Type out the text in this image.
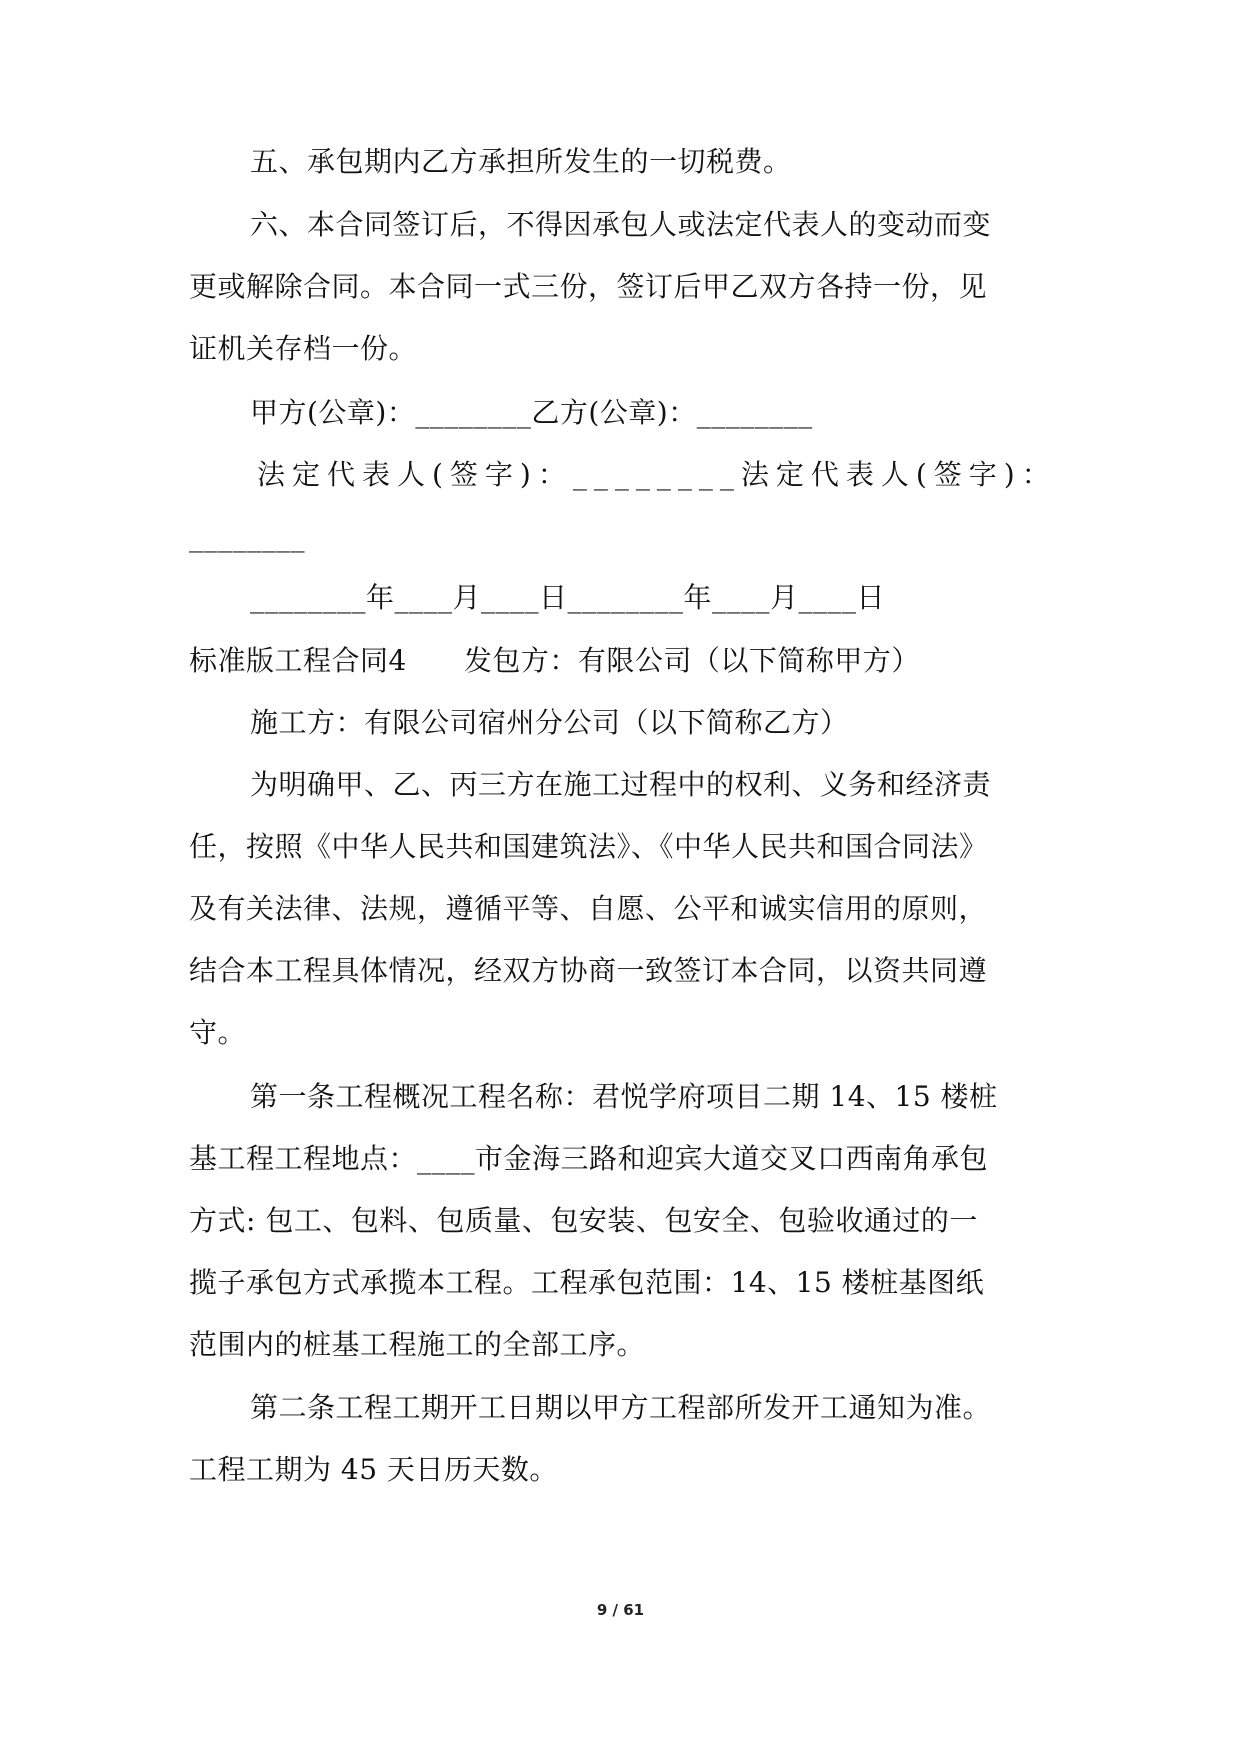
五、承包期内乙方承担所发生的一切税费。
六、本合同签订后，不得因承包人或法定代表人的变动而变
更或解除合同。本合同一式三份，签订后甲乙双方各持一份，见
证机关存档一份。
甲方(公章)：________乙方(公章)：________
法定代表人(签字)：________法定代表人(签字)：
________
________年____月____日________年____月____日
标准版工程合同4　　发包方：有限公司（以下简称甲方）
施工方：有限公司宿州分公司（以下简称乙方）
为明确甲、乙、丙三方在施工过程中的权利、义务和经济责
任，按照《中华人民共和国建筑法》、《中华人民共和国合同法》
及有关法律、法规，遵循平等、自愿、公平和诚实信用的原则，
结合本工程具体情况，经双方协商一致签订本合同，以资共同遵
守。
第一条工程概况工程名称：君悦学府项目二期 14、15 楼桩
基工程工程地点：____市金海三路和迎宾大道交叉口西南角承包
方式: 包工、包料、包质量、包安装、包安全、包验收通过的一
揽子承包方式承揽本工程。工程承包范围：14、15 楼桩基图纸
范围内的桩基工程施工的全部工序。
第二条工程工期开工日期以甲方工程部所发开工通知为准。
工程工期为 45 天日历天数。
9 / 61
